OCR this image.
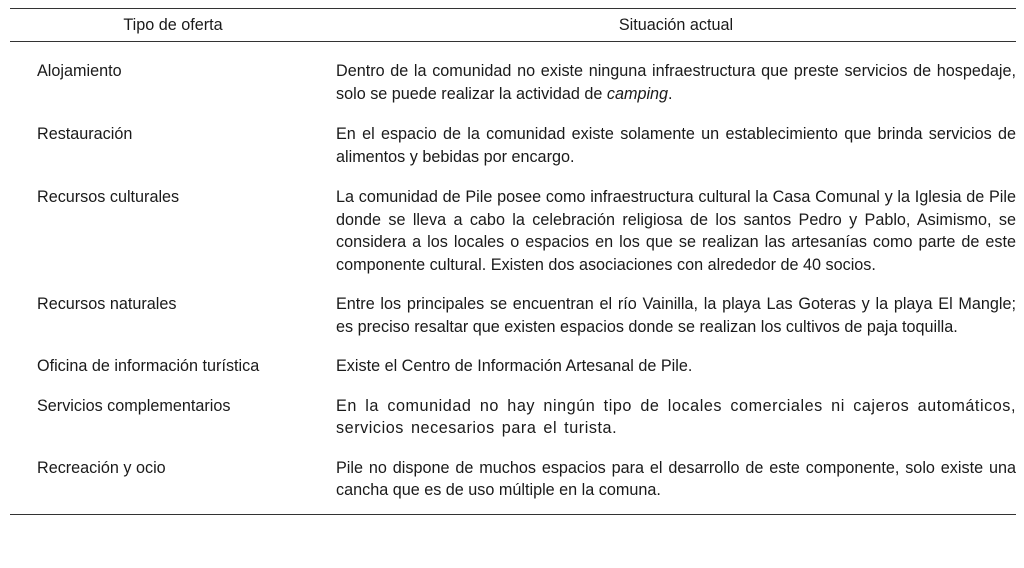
Tipo de oferta	Situación actual
Alojamiento	Dentro de la comunidad no existe ninguna infraestructura que preste servicios de hospedaje, solo se puede realizar la actividad de camping.
Restauración	En el espacio de la comunidad existe solamente un establecimiento que brinda servicios de alimentos y bebidas por encargo.
Recursos culturales	La comunidad de Pile posee como infraestructura cultural la Casa Comunal y la Iglesia de Pile donde se lleva a cabo la celebración religiosa de los santos Pedro y Pablo, Asimismo, se considera a los locales o espacios en los que se realizan las artesanías como parte de este componente cultural. Existen dos asociaciones con alrededor de 40 socios.
Recursos naturales	Entre los principales se encuentran el río Vainilla, la playa Las Goteras y la playa El Mangle; es preciso resaltar que existen espacios donde se realizan los cultivos de paja toquilla.
Oficina de información turística	Existe el Centro de Información Artesanal de Pile.
Servicios complementarios	En la comunidad no hay ningún tipo de locales comerciales ni cajeros automáticos, servicios necesarios para el turista.
Recreación y ocio	Pile no dispone de muchos espacios para el desarrollo de este componente, solo existe una cancha que es de uso múltiple en la comuna.
